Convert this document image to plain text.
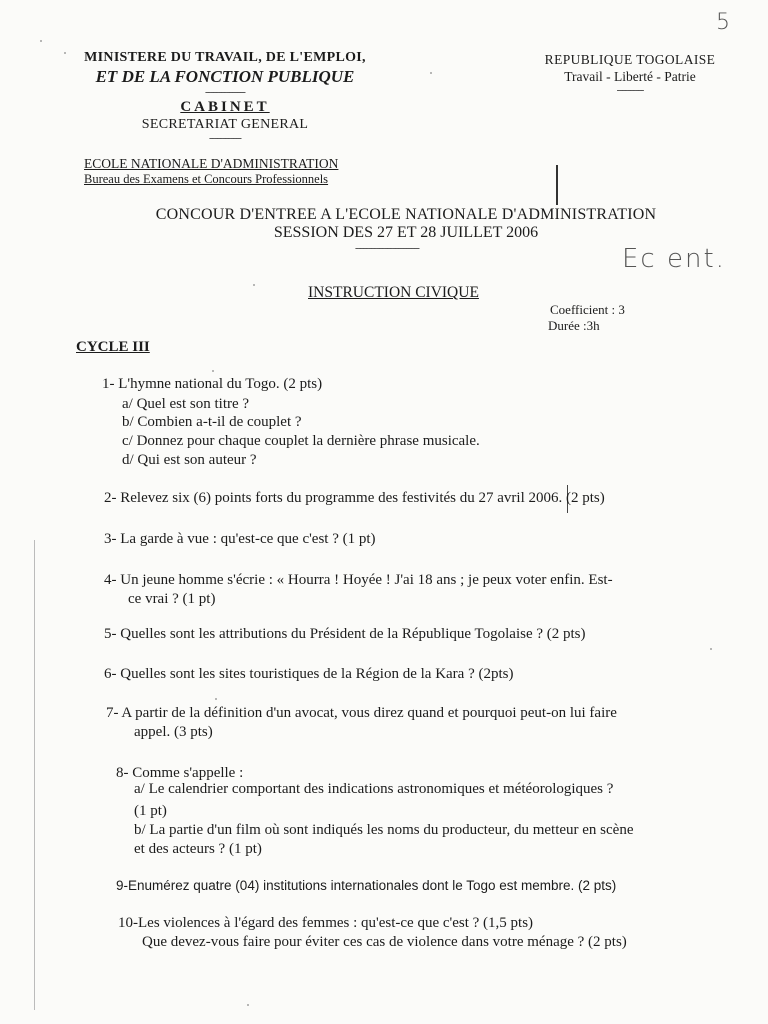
5
MINISTERE DU TRAVAIL, DE L'EMPLOI,
ET DE LA FONCTION PUBLIQUE
---------------
CABINET
SECRETARIAT GENERAL
------------
ECOLE NATIONALE D'ADMINISTRATION
Bureau des Examens et Concours Professionnels
REPUBLIQUE TOGOLAISE
Travail - Liberté - Patrie
----------
CONCOUR D'ENTREE A L'ECOLE NATIONALE D'ADMINISTRATION
SESSION DES 27 ET 28 JUILLET 2006
------------------------	Ec ent.
INSTRUCTION CIVIQUE
Coefficient : 3
Durée :3h
CYCLE III
1- L'hymne national du Togo. (2 pts)
a/ Quel est son titre ?
b/ Combien a-t-il de couplet ?
c/ Donnez pour chaque couplet la dernière phrase musicale.
d/ Qui est son auteur ?
2- Relevez six (6) points forts du programme des festivités du 27 avril 2006. (2 pts)
3- La garde à vue : qu'est-ce que c'est ? (1 pt)
4- Un jeune homme s'écrie : « Hourra ! Hoyée ! J'ai 18 ans ; je peux voter enfin. Est-
ce vrai ? (1 pt)
5- Quelles sont les attributions du Président de la République Togolaise ? (2 pts)
6- Quelles sont les sites touristiques de la Région de la Kara ? (2pts)
7- A partir de la définition d'un avocat, vous direz quand et pourquoi peut-on lui faire
appel. (3 pts)
8- Comme s'appelle :
a/ Le calendrier comportant des indications astronomiques et météorologiques ?
(1 pt)
b/ La partie d'un film où sont indiqués les noms du producteur, du metteur en scène
et des acteurs ? (1 pt)
9-Enumérez quatre (04) institutions internationales dont le Togo est membre. (2 pts)
10-Les violences à l'égard des femmes : qu'est-ce que c'est ? (1,5 pts)
Que devez-vous faire pour éviter ces cas de violence dans votre ménage ? (2 pts)
